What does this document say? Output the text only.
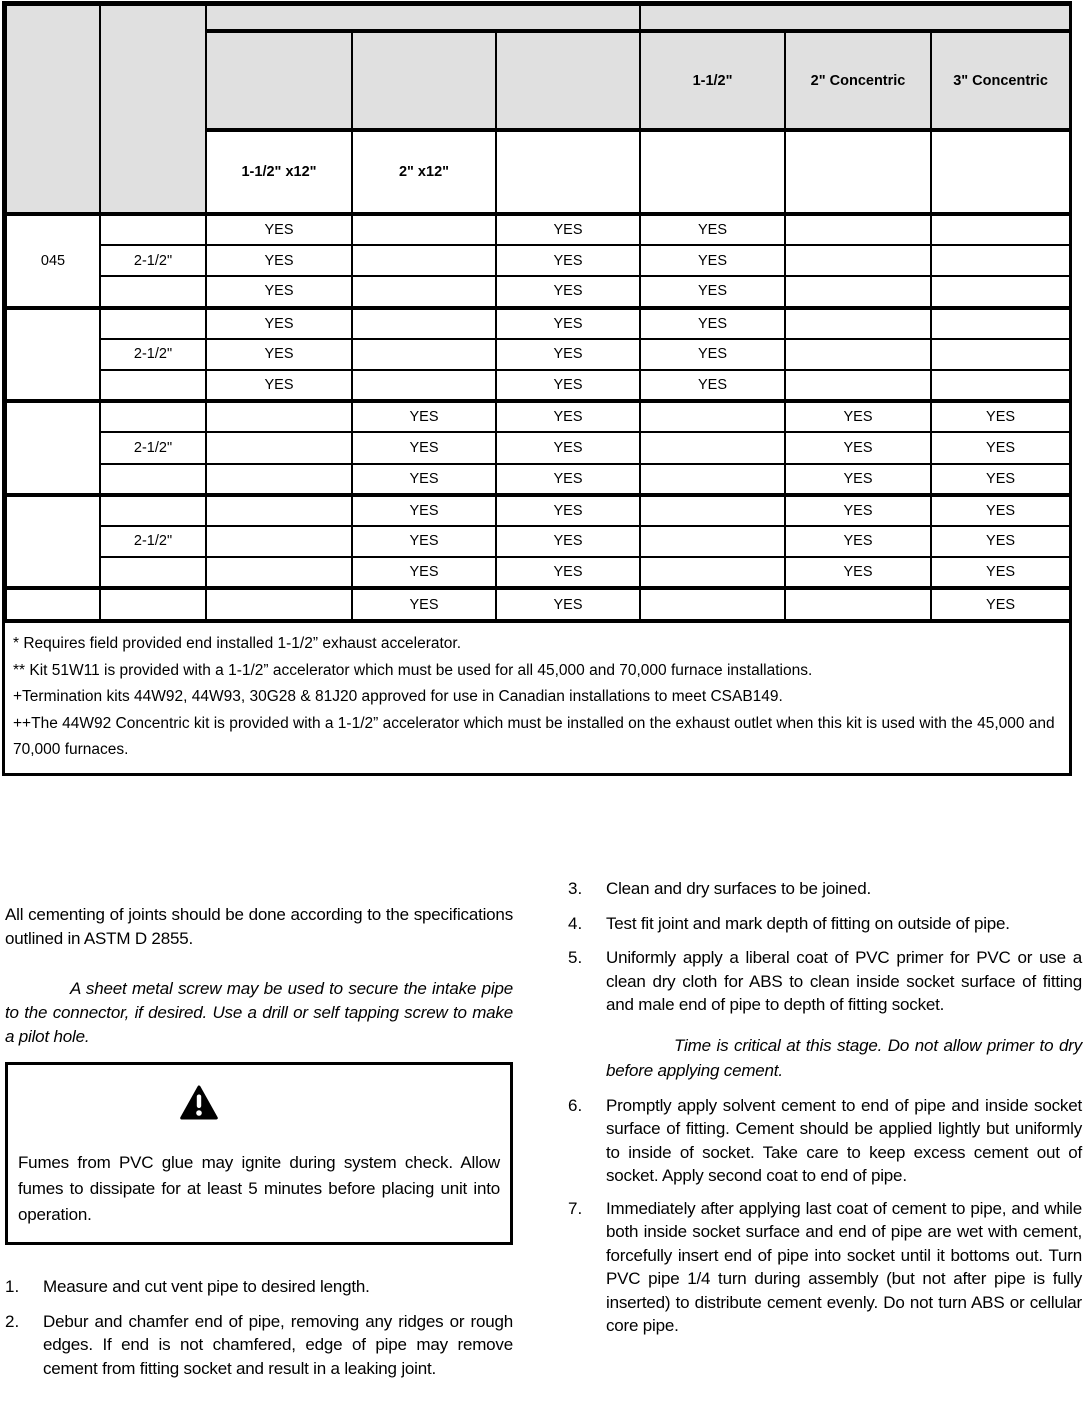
					1-1/2"	2" Concentric	3" Concentric
		1-1/2" x12"	2" x12"				
045		YES		YES	YES		
	2-1/2"	YES		YES	YES		
		YES		YES	YES		
		YES		YES	YES		
	2-1/2"	YES		YES	YES		
		YES		YES	YES		
			YES	YES		YES	YES
	2-1/2"		YES	YES		YES	YES
			YES	YES		YES	YES
			YES	YES		YES	YES
	2-1/2"		YES	YES		YES	YES
			YES	YES		YES	YES
			YES	YES			YES

* Requires field provided end installed 1-1/2” exhaust accelerator.

** Kit 51W11 is provided with a 1-1/2” accelerator which must be used for all 45,000 and 70,000 furnace installations.

+Termination kits 44W92, 44W93, 30G28 & 81J20 approved for use in Canadian installations to meet CSAB149.

++The 44W92 Concentric kit is provided with a 1-1/2” accelerator which must be installed on the exhaust outlet when this kit is used with the 45,000 and 70,000 furnaces.

All cementing of joints should be done according to the specifications outlined in ASTM D 2855.

A sheet metal screw may be used to secure the intake pipe to the connector, if desired. Use a drill or self tapping screw to make a pilot hole.

Fumes from PVC glue may ignite during system check. Allow fumes to dissipate for at least 5 minutes before placing unit into operation.

1.	Measure and cut vent pipe to desired length.
2.	Debur and chamfer end of pipe, removing any ridges or rough edges. If end is not chamfered, edge of pipe may remove cement from fitting socket and result in a leaking joint.
3.	Clean and dry surfaces to be joined.
4.	Test fit joint and mark depth of fitting on outside of pipe.
5.	Uniformly apply a liberal coat of PVC primer for PVC or use a clean dry cloth for ABS to clean inside socket surface of fitting and male end of pipe to depth of fitting socket.

Time is critical at this stage. Do not allow primer to dry before applying cement.

6.	Promptly apply solvent cement to end of pipe and inside socket surface of fitting. Cement should be applied lightly but uniformly to inside of socket. Take care to keep excess cement out of socket. Apply second coat to end of pipe.
7.	Immediately after applying last coat of cement to pipe, and while both inside socket surface and end of pipe are wet with cement, forcefully insert end of pipe into socket until it bottoms out. Turn PVC pipe 1/4 turn during assembly (but not after pipe is fully inserted) to distribute cement evenly. Do not turn ABS or cellular core pipe.
